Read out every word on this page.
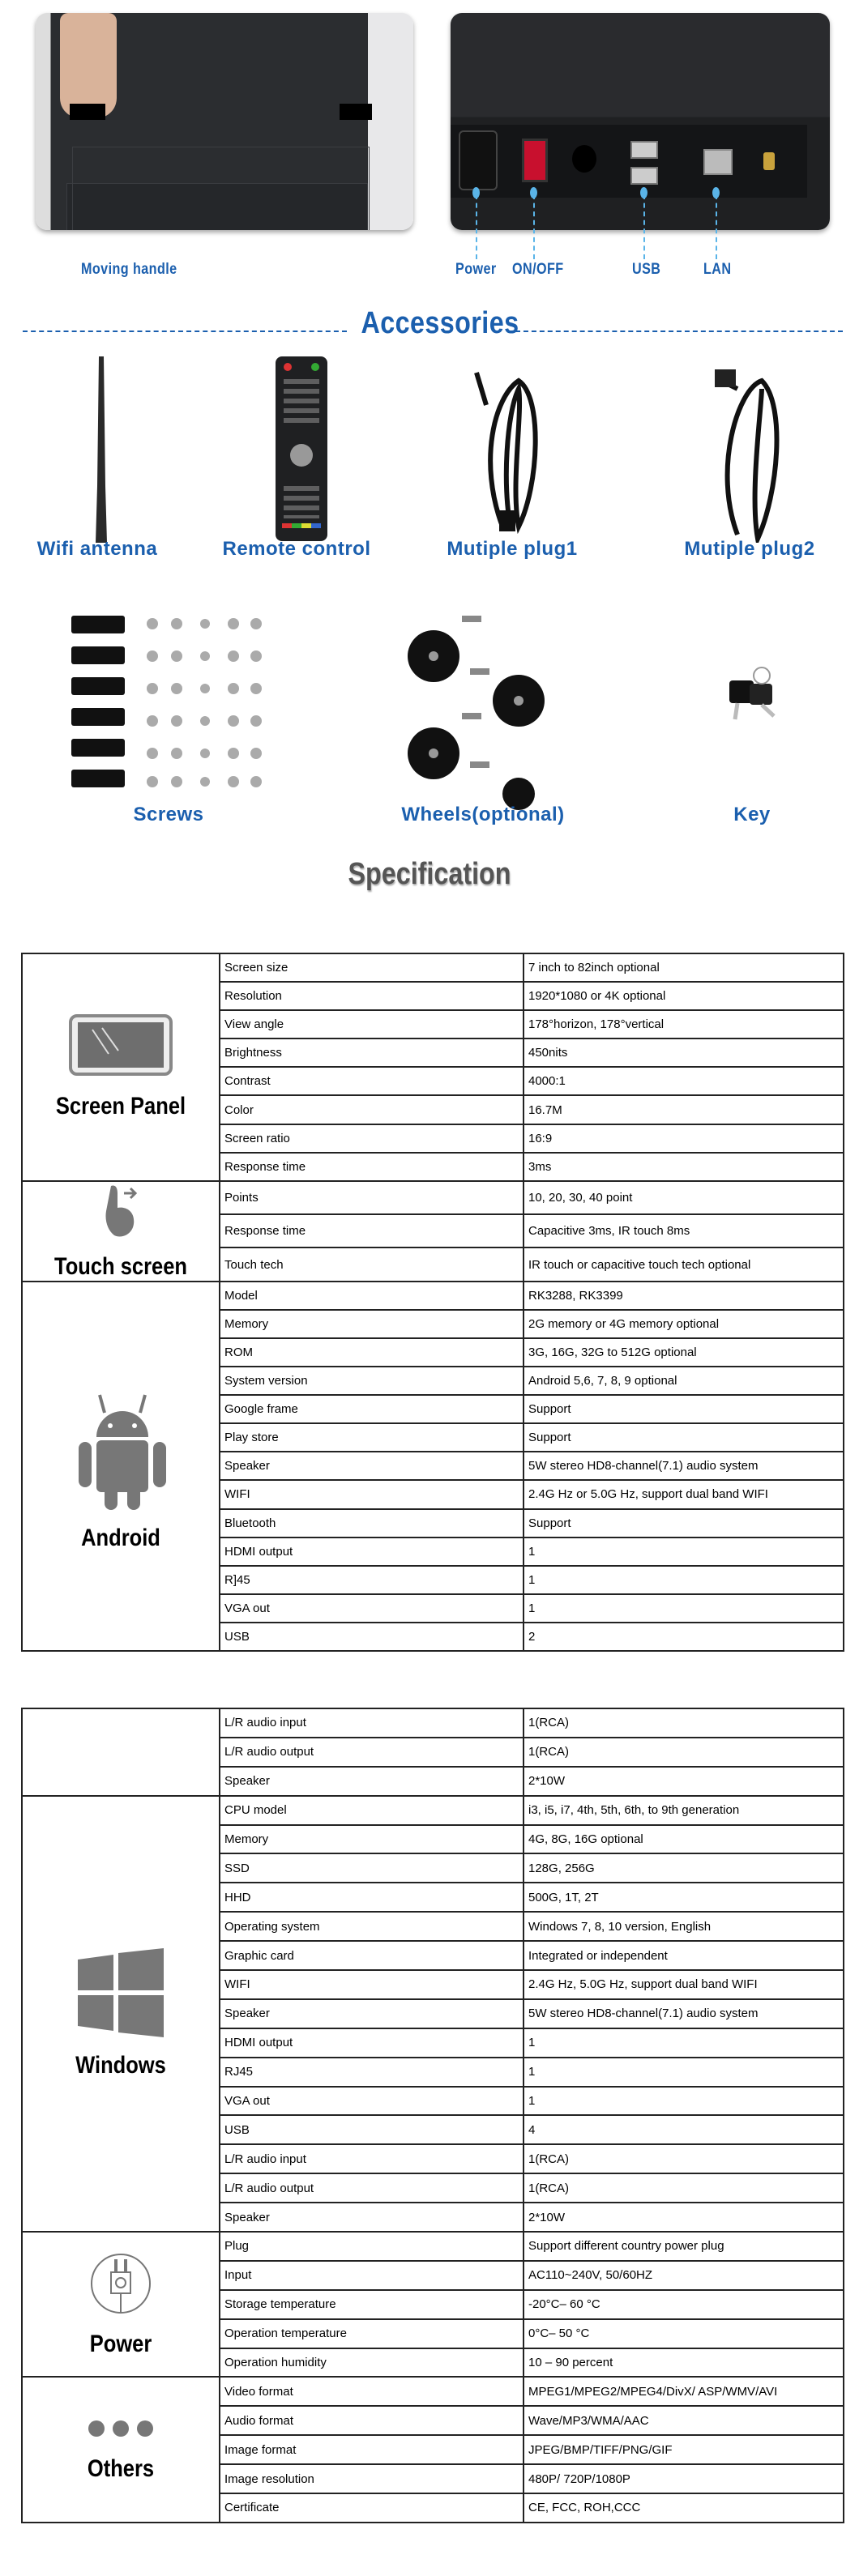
Moving handle	Power ON/OFF	USB	LAN
Accessories
Wifi antenna	Remote control	Mutiple plug1	Mutiple plug2
Screws	Wheels(optional)	Key
Specification
Screen Panel	Screen size	7 inch to 82inch optional
	Resolution	1920*1080 or 4K optional
	View angle	178°horizon, 178°vertical
	Brightness	450nits
	Contrast	4000:1
	Color	16.7M
	Screen ratio	16:9
	Response time	3ms

Touch screen	Points	10, 20, 30, 40 point
	Response time	Capacitive 3ms, IR touch 8ms
	Touch tech	IR touch or capacitive touch tech optional

Android	Model	RK3288, RK3399
	Memory	2G memory or 4G memory optional
	ROM	3G, 16G, 32G to 512G optional
	System version	Android 5,6, 7, 8, 9 optional
	Google frame	Support
	Play store	Support
	Speaker	5W stereo HD8-channel(7.1) audio system
	WIFI	2.4G Hz or 5.0G Hz, support dual band WIFI
	Bluetooth	Support
	HDMI output	1
	R]45	1
	VGA out	1
	USB	2
	L/R audio input	1(RCA)
	L/R audio output	1(RCA)
	Speaker	2*10W

Windows	CPU model	i3, i5, i7, 4th, 5th, 6th, to 9th generation
	Memory	4G, 8G, 16G optional
	SSD	128G, 256G
	HHD	500G, 1T, 2T
	Operating system	Windows 7, 8, 10 version, English
	Graphic card	Integrated or independent
	WIFI	2.4G Hz, 5.0G Hz, support dual band WIFI
	Speaker	5W stereo HD8-channel(7.1) audio system
	HDMI output	1
	RJ45	1
	VGA out	1
	USB	4
	L/R audio input	1(RCA)
	L/R audio output	1(RCA)
	Speaker	2*10W

Power	Plug	Support different country power plug
	Input	AC110~240V, 50/60HZ
	Storage temperature	-20°C– 60 °C
	Operation temperature	0°C– 50 °C
	Operation humidity	10 – 90 percent

Others	Video format	MPEG1/MPEG2/MPEG4/DivX/ ASP/WMV/AVI
	Audio format	Wave/MP3/WMA/AAC
	Image format	JPEG/BMP/TIFF/PNG/GIF
	Image resolution	480P/ 720P/1080P
	Certificate	CE, FCC, ROH,CCC
